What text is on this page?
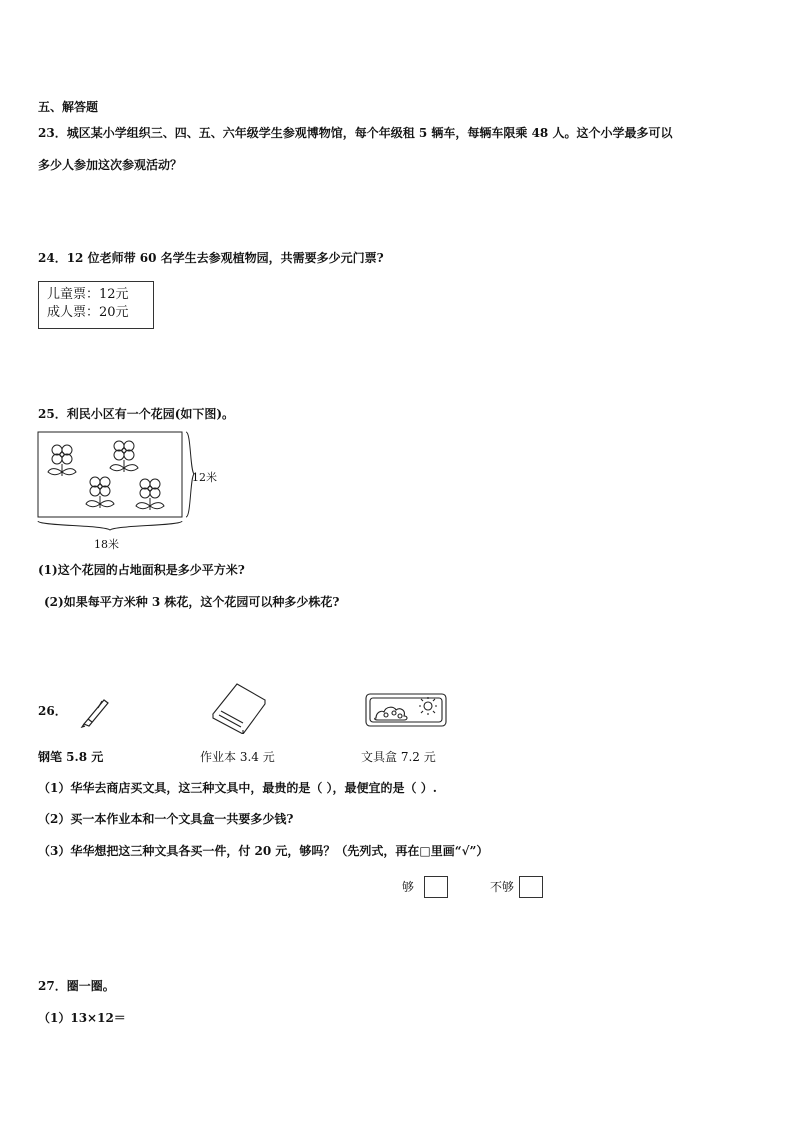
五、解答题
23．城区某小学组织三、四、五、六年级学生参观博物馆，每个年级租 5 辆车，每辆车限乘 48 人。这个小学最多可以
多少人参加这次参观活动？
24．12 位老师带 60 名学生去参观植物园，共需要多少元门票?
儿童票：12元
成人票：20元
25．利民小区有一个花园(如下图)。
12米
18米
(1)这个花园的占地面积是多少平方米?
(2)如果每平方米种 3 株花，这个花园可以种多少株花?
26．
钢笔 5.8 元	作业本 3.4 元	文具盒 7.2 元
（1）华华去商店买文具，这三种文具中，最贵的是（ ），最便宜的是（ ）.
（2）买一本作业本和一个文具盒一共要多少钱?
（3）华华想把这三种文具各买一件，付 20 元，够吗？（先列式，再在□里画“√”）
够	不够
27．圈一圈。
（1）13×12＝
